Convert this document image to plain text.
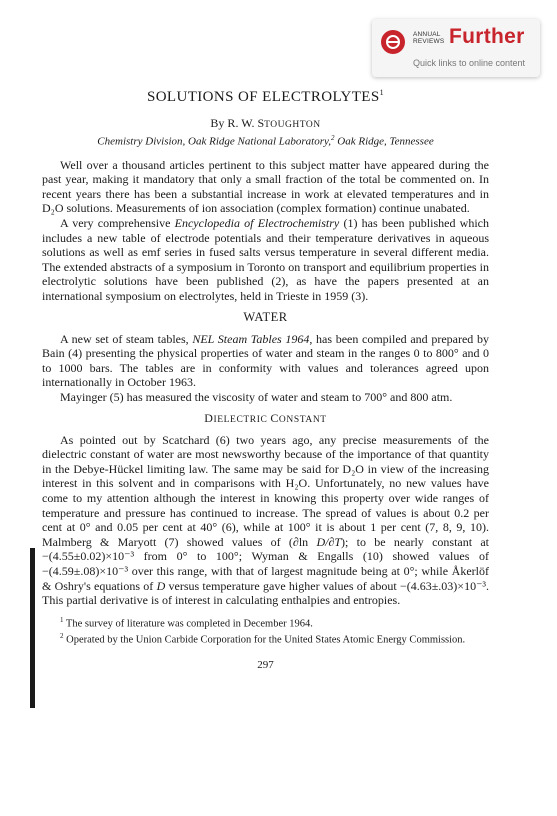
ANNUAL
REVIEWS Further
Quick links to online content
SOLUTIONS OF ELECTROLYTES$^1$
By R. W. STOUGHTON
Chemistry Division, Oak Ridge National Laboratory,$^2$ Oak Ridge, Tennessee

Well over a thousand articles pertinent to this subject matter have appeared during the past year, making it mandatory that only a small fraction of the total be commented on. In recent years there has been a substantial increase in work at elevated temperatures and in D₂O solutions. Measurements of ion association (complex formation) continue unabated.

A very comprehensive Encyclopedia of Electrochemistry (1) has been published which includes a new table of electrode potentials and their temperature derivatives in aqueous solutions as well as emf series in fused salts versus temperature in several different media. The extended abstracts of a symposium in Toronto on transport and equilibrium properties in electrolytic solutions have been published (2), as have the papers presented at an international symposium on electrolytes, held in Trieste in 1959 (3).

WATER

A new set of steam tables, NEL Steam Tables 1964, has been compiled and prepared by Bain (4) presenting the physical properties of water and steam in the ranges 0 to 800° and 0 to 1000 bars. The tables are in conformity with values and tolerances agreed upon internationally in October 1963.

Mayinger (5) has measured the viscosity of water and steam to 700° and 800 atm.

DIELECTRIC CONSTANT

As pointed out by Scatchard (6) two years ago, any precise measurements of the dielectric constant of water are most newsworthy because of the importance of that quantity in the Debye-Hückel limiting law. The same may be said for D₂O in view of the increasing interest in this solvent and in comparisons with H₂O. Unfortunately, no new values have come to my attention although the interest in knowing this property over wide ranges of temperature and pressure has continued to increase. The spread of values is about 0.2 per cent at 0° and 0.05 per cent at 40° (6), while at 100° it is about 1 per cent (7, 8, 9, 10). Malmberg & Maryott (7) showed values of (∂ln D/∂T); to be nearly constant at −(4.55±0.02)×10⁻³ from 0° to 100°; Wyman & Engalls (10) showed values of −(4.59±.08)×10⁻³ over this range, with that of largest magnitude being at 0°; while Åkerlöf & Oshry's equations of D versus temperature gave higher values of about −(4.63±.03)×10⁻³. This partial derivative is of interest in calculating enthalpies and entropies.

$^1$ The survey of literature was completed in December 1964.

$^2$ Operated by the Union Carbide Corporation for the United States Atomic Energy Commission.

297
